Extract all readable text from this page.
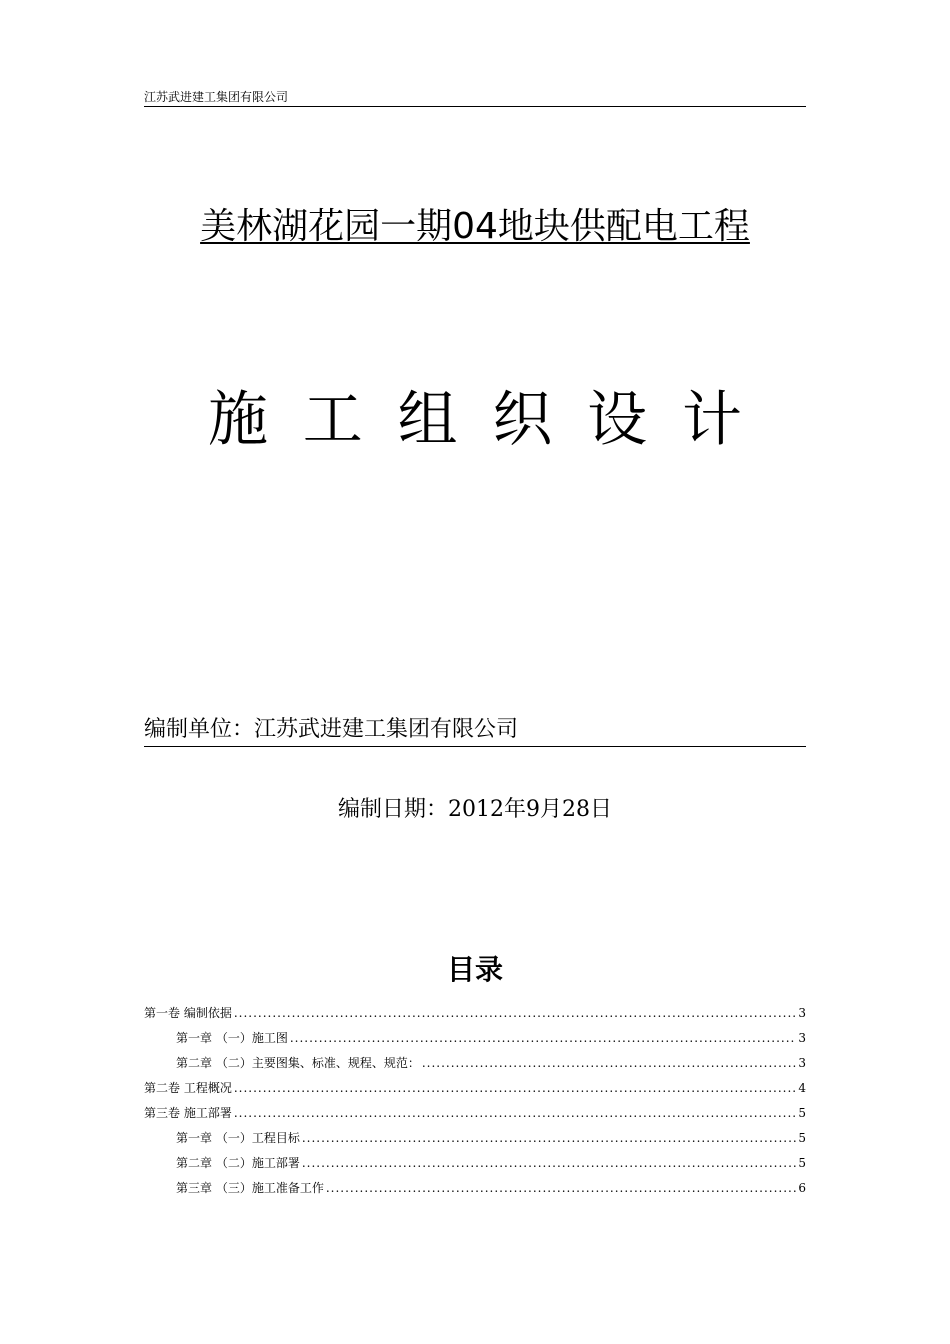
江苏武进建工集团有限公司
美林湖花园一期04地块供配电工程
施工组织设计
编制单位：江苏武进建工集团有限公司
编制日期：2012年9月28日
目录
第一卷 编制依据 .....	3
第一章 （一）施工图 .....	3
第二章 （二）主要图集、标准、规程、规范： .....	3
第二卷 工程概况 .....	4
第三卷 施工部署 .....	5
第一章 （一）工程目标 .....	5
第二章 （二）施工部署 .....	5
第三章 （三）施工准备工作 .....	6
